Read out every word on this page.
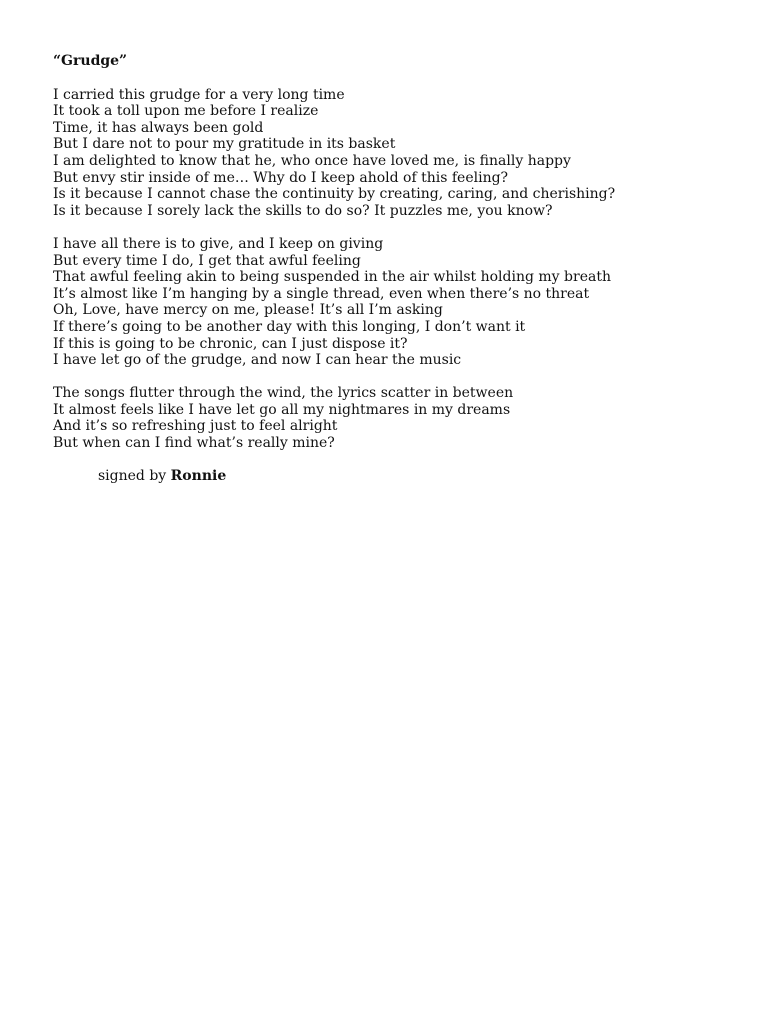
“Grudge”
I carried this grudge for a very long time
It took a toll upon me before I realize
Time, it has always been gold
But I dare not to pour my gratitude in its basket
I am delighted to know that he, who once have loved me, is finally happy
But envy stir inside of me… Why do I keep ahold of this feeling?
Is it because I cannot chase the continuity by creating, caring, and cherishing?
Is it because I sorely lack the skills to do so? It puzzles me, you know?
I have all there is to give, and I keep on giving
But every time I do, I get that awful feeling
That awful feeling akin to being suspended in the air whilst holding my breath
It’s almost like I’m hanging by a single thread, even when there’s no threat
Oh, Love, have mercy on me, please! It’s all I’m asking
If there’s going to be another day with this longing, I don’t want it
If this is going to be chronic, can I just dispose it?
I have let go of the grudge, and now I can hear the music
The songs flutter through the wind, the lyrics scatter in between
It almost feels like I have let go all my nightmares in my dreams
And it’s so refreshing just to feel alright
But when can I find what’s really mine?
signed by Ronnie
